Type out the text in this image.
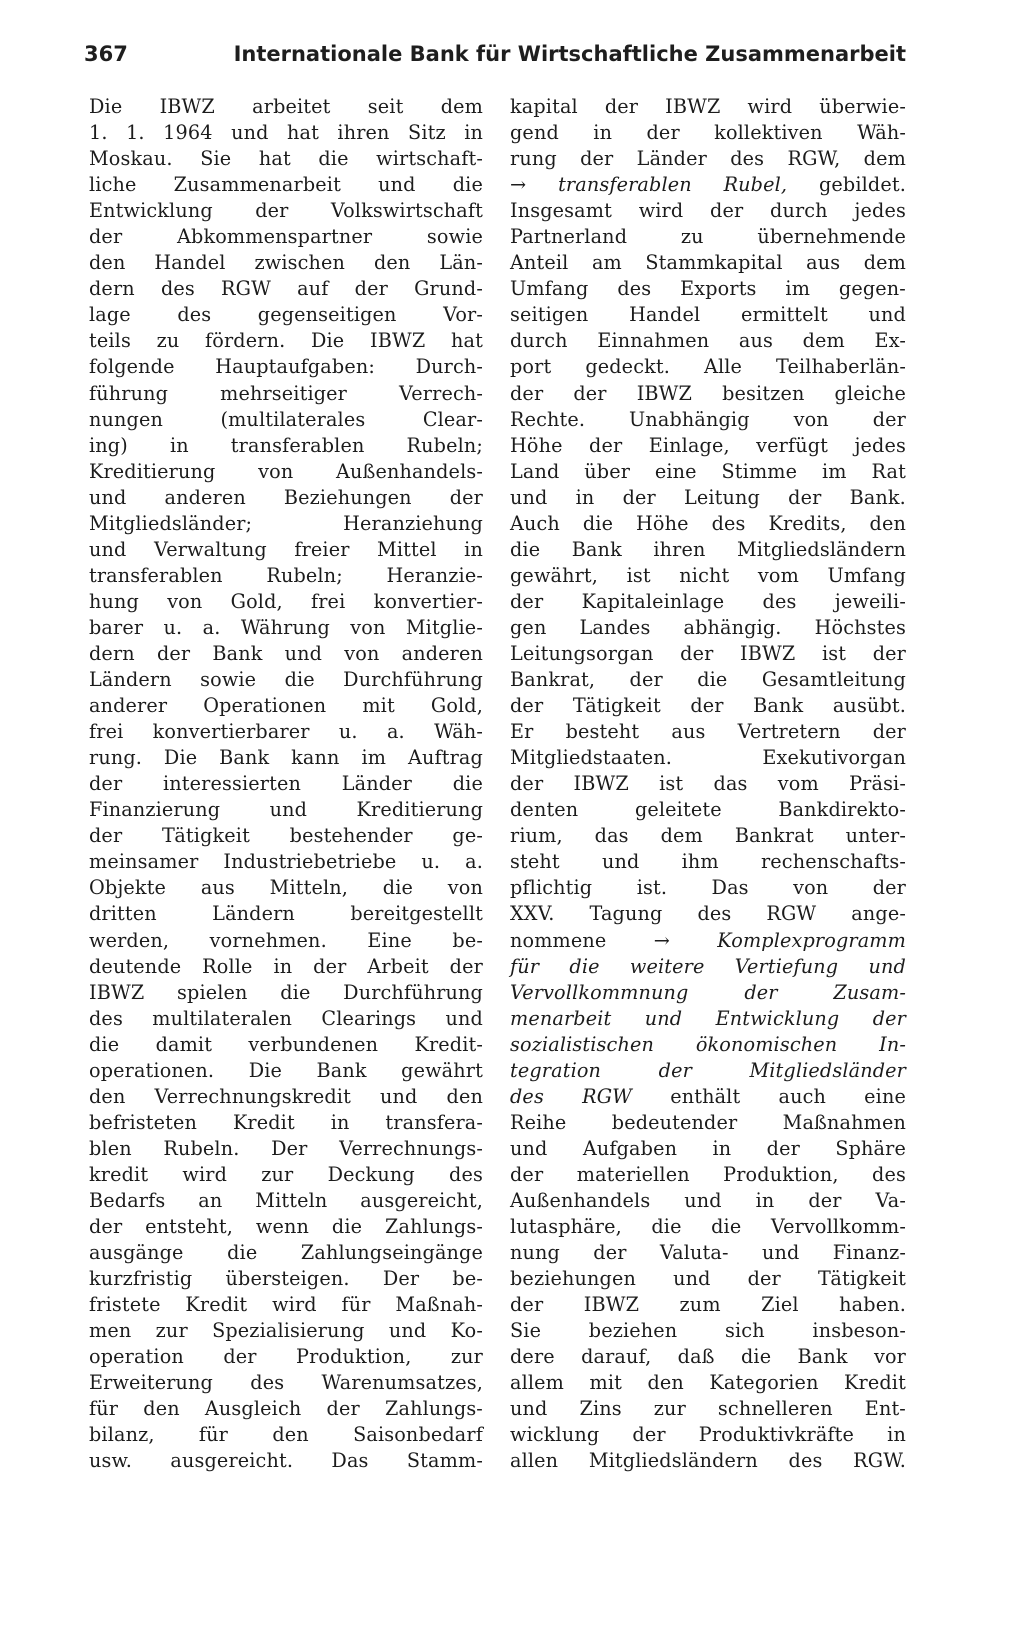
367	Internationale Bank für Wirtschaftliche Zusammenarbeit
Die IBWZ arbeitet seit dem
1. 1. 1964 und hat ihren Sitz in
Moskau. Sie hat die wirtschaft-
liche Zusammenarbeit und die
Entwicklung der Volkswirtschaft
der	Abkommenspartner	sowie
den Handel zwischen den Län-
dern des RGW auf der Grund-
lage des gegenseitigen Vor-
teils zu fördern. Die IBWZ hat
folgende Hauptaufgaben: Durch-
führung	mehrseitiger	Verrech-
nungen	(multilaterales	Clear-
ing) in transferablen Rubeln;
Kreditierung von Außenhandels-
und anderen Beziehungen der
Mitgliedsländer;	Heranziehung
und Verwaltung freier Mittel in
transferablen Rubeln; Heranzie-
hung von Gold, frei konvertier-
barer u. a. Währung von Mitglie-
dern der Bank und von anderen
Ländern sowie die Durchführung
anderer Operationen mit Gold,
frei konvertierbarer u. a. Wäh-
rung. Die Bank kann im Auftrag
der interessierten Länder die
Finanzierung	und	Kreditierung
der Tätigkeit bestehender ge-
meinsamer Industriebetriebe u. a.
Objekte aus Mitteln, die von
dritten	Ländern	bereitgestellt
werden, vornehmen. Eine be-
deutende Rolle in der Arbeit der
IBWZ spielen die Durchführung
des multilateralen Clearings und
die damit verbundenen Kredit-
operationen. Die Bank gewährt
den Verrechnungskredit und den
befristeten Kredit in transfera-
blen Rubeln. Der Verrechnungs-
kredit wird zur Deckung des
Bedarfs an Mitteln ausgereicht,
der entsteht, wenn die Zahlungs-
ausgänge die Zahlungseingänge
kurzfristig übersteigen. Der be-
fristete Kredit wird für Maßnah-
men zur Spezialisierung und Ko-
operation der Produktion, zur
Erweiterung des Warenumsatzes,
für den Ausgleich der Zahlungs-
bilanz, für den Saisonbedarf
usw. ausgereicht. Das Stamm-
kapital der IBWZ wird überwie-
gend in der kollektiven Wäh-
rung der Länder des RGW, dem
→ transferablen Rubel, gebildet.
Insgesamt wird der durch jedes
Partnerland	zu	übernehmende
Anteil am Stammkapital aus dem
Umfang des Exports im gegen-
seitigen Handel ermittelt und
durch Einnahmen aus dem Ex-
port gedeckt. Alle Teilhaberlän-
der der IBWZ besitzen gleiche
Rechte. Unabhängig von der
Höhe der Einlage, verfügt jedes
Land über eine Stimme im Rat
und in der Leitung der Bank.
Auch die Höhe des Kredits, den
die Bank ihren Mitgliedsländern
gewährt, ist nicht vom Umfang
der Kapitaleinlage des jeweili-
gen Landes abhängig. Höchstes
Leitungsorgan der IBWZ ist der
Bankrat, der die Gesamtleitung
der Tätigkeit der Bank ausübt.
Er besteht aus Vertretern der
Mitgliedstaaten.	Exekutivorgan
der IBWZ ist das vom Präsi-
denten	geleitete	Bankdirekto-
rium, das dem Bankrat unter-
steht und ihm rechenschafts-
pflichtig ist. Das von der
XXV. Tagung des RGW ange-
nommene → Komplexprogramm
für die weitere Vertiefung und
Vervollkommnung	der	Zusam-
menarbeit und Entwicklung der
sozialistischen ökonomischen In-
tegration	der	Mitgliedsländer
des RGW enthält auch eine
Reihe bedeutender Maßnahmen
und Aufgaben in der Sphäre
der materiellen Produktion, des
Außenhandels und in der Va-
lutasphäre, die die Vervollkomm-
nung der Valuta- und Finanz-
beziehungen und der Tätigkeit
der IBWZ zum Ziel haben.
Sie beziehen sich insbeson-
dere darauf, daß die Bank vor
allem mit den Kategorien Kredit
und Zins zur schnelleren Ent-
wicklung der Produktivkräfte in
allen Mitgliedsländern des RGW.
